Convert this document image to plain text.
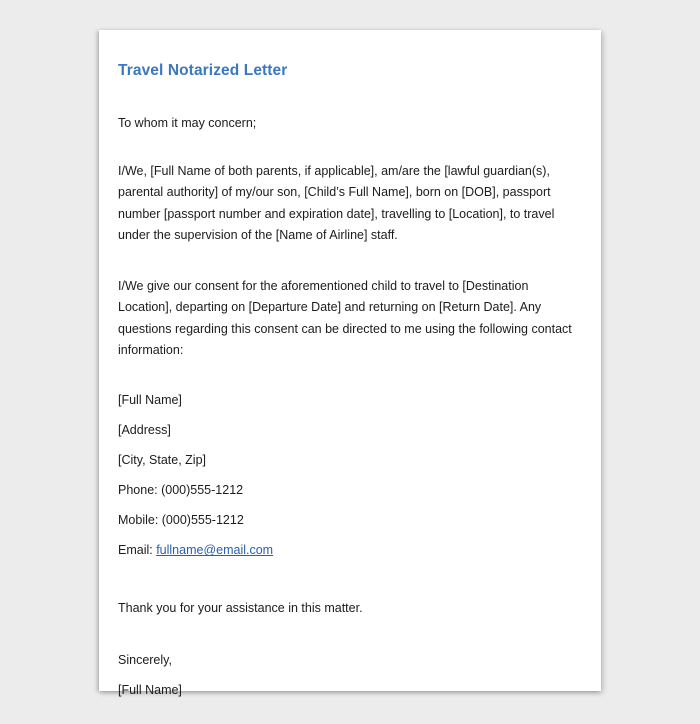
Travel Notarized Letter

To whom it may concern;

I/We, [Full Name of both parents, if applicable], am/are the [lawful guardian(s), parental authority] of my/our son, [Child’s Full Name], born on [DOB], passport number [passport number and expiration date], travelling to [Location], to travel under the supervision of the [Name of Airline] staff.

I/We give our consent for the aforementioned child to travel to [Destination Location], departing on [Departure Date] and returning on [Return Date]. Any questions regarding this consent can be directed to me using the following contact information:

[Full Name]
[Address]
[City, State, Zip]
Phone: (000)555-1212
Mobile: (000)555-1212
Email: fullname@email.com

Thank you for your assistance in this matter.

Sincerely,

[Full Name]
